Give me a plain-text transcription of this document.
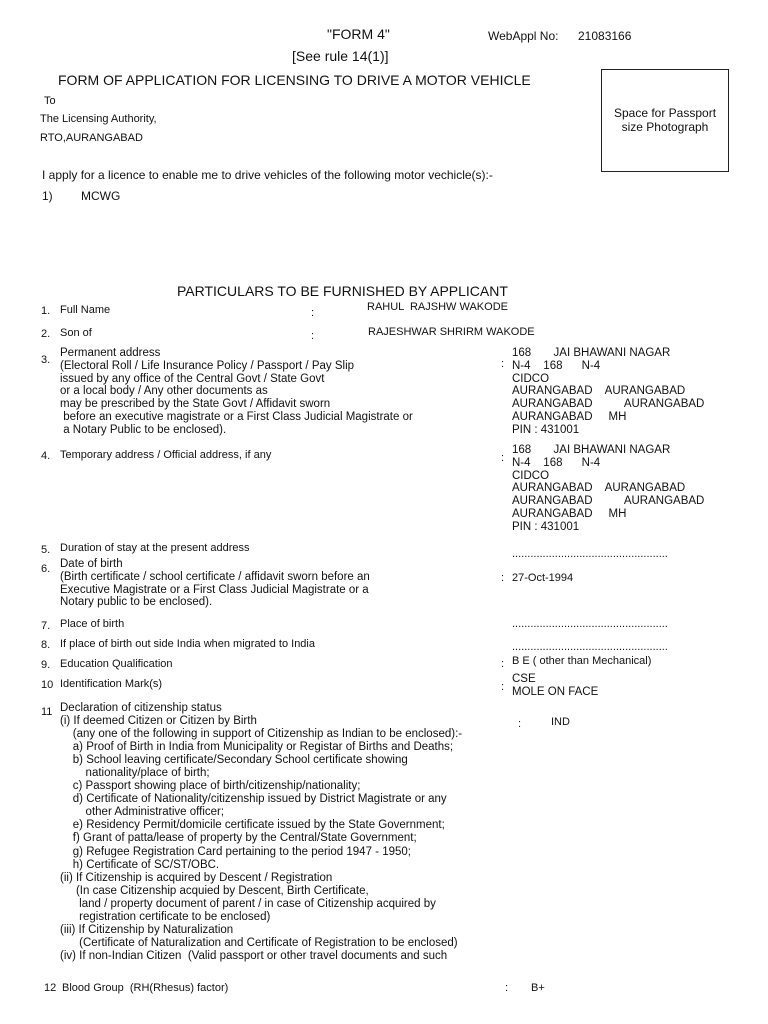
"FORM 4"
[See rule 14(1)]
WebAppl No: 21083166
FORM OF APPLICATION FOR LICENSING TO DRIVE A MOTOR VEHICLE
To
The Licensing Authority,
RTO,AURANGABAD
Space for Passport
size Photograph
I apply for a licence to enable me to drive vehicles of the following motor vechicle(s):-
1) MCWG
PARTICULARS TO BE FURNISHED BY APPLICANT
1. Full Name	:	RAHUL  RAJSHW WAKODE
2. Son of	:	RAJESHWAR SHRIRM WAKODE
3.
Permanent address
(Electoral Roll / Life Insurance Policy / Passport / Pay Slip
issued by any office of the Central Govt / State Govt
or a local body / Any other documents as
may be prescribed by the State Govt / Affidavit sworn
before an executive magistrate or a First Class Judicial Magistrate or
a Notary Public to be enclosed).
:
168       JAI BHAWANI NAGAR
N-4    168      N-4
CIDCO
AURANGABAD    AURANGABAD
AURANGABAD          AURANGABAD
AURANGABAD     MH
PIN : 431001
4. Temporary address / Official address, if any	:
168       JAI BHAWANI NAGAR
N-4    168      N-4
CIDCO
AURANGABAD    AURANGABAD
AURANGABAD          AURANGABAD
AURANGABAD     MH
PIN : 431001
5. Duration of stay at the present address	...................................................
6. Date of birth
(Birth certificate / school certificate / affidavit sworn before an
Executive Magistrate or a First Class Judicial Magistrate or a
Notary public to be enclosed).
: 27-Oct-1994
7. Place of birth	...................................................
8. If place of birth out side India when migrated to India	...................................................
9. Education Qualification	: B E ( other than Mechanical)
10 Identification Mark(s)	:
CSE
MOLE ON FACE
11 Declaration of citizenship status
(i) If deemed Citizen or Citizen by Birth
(any one of the following in support of Citizenship as Indian to be enclosed):-
a) Proof of Birth in India from Municipality or Registar of Births and Deaths;
b) School leaving certificate/Secondary School certificate showing
nationality/place of birth;
c) Passport showing place of birth/citizenship/nationality;
d) Certificate of Nationality/citizenship issued by District Magistrate or any
other Administrative officer;
e) Residency Permit/domicile certificate issued by the State Government;
f) Grant of patta/lease of property by the Central/State Government;
g) Refugee Registration Card pertaining to the period 1947 - 1950;
h) Certificate of SC/ST/OBC.
(ii) If Citizenship is acquired by Descent / Registration
(In case Citizenship acquied by Descent, Birth Certificate,
land / property document of parent / in case of Citizenship acquired by
registration certificate to be enclosed)
(iii) If Citizenship by Naturalization
(Certificate of Naturalization and Certificate of Registration to be enclosed)
(iv) If non-Indian Citizen  (Valid passport or other travel documents and such
:	IND
12 Blood Group  (RH(Rhesus) factor)	: B+
